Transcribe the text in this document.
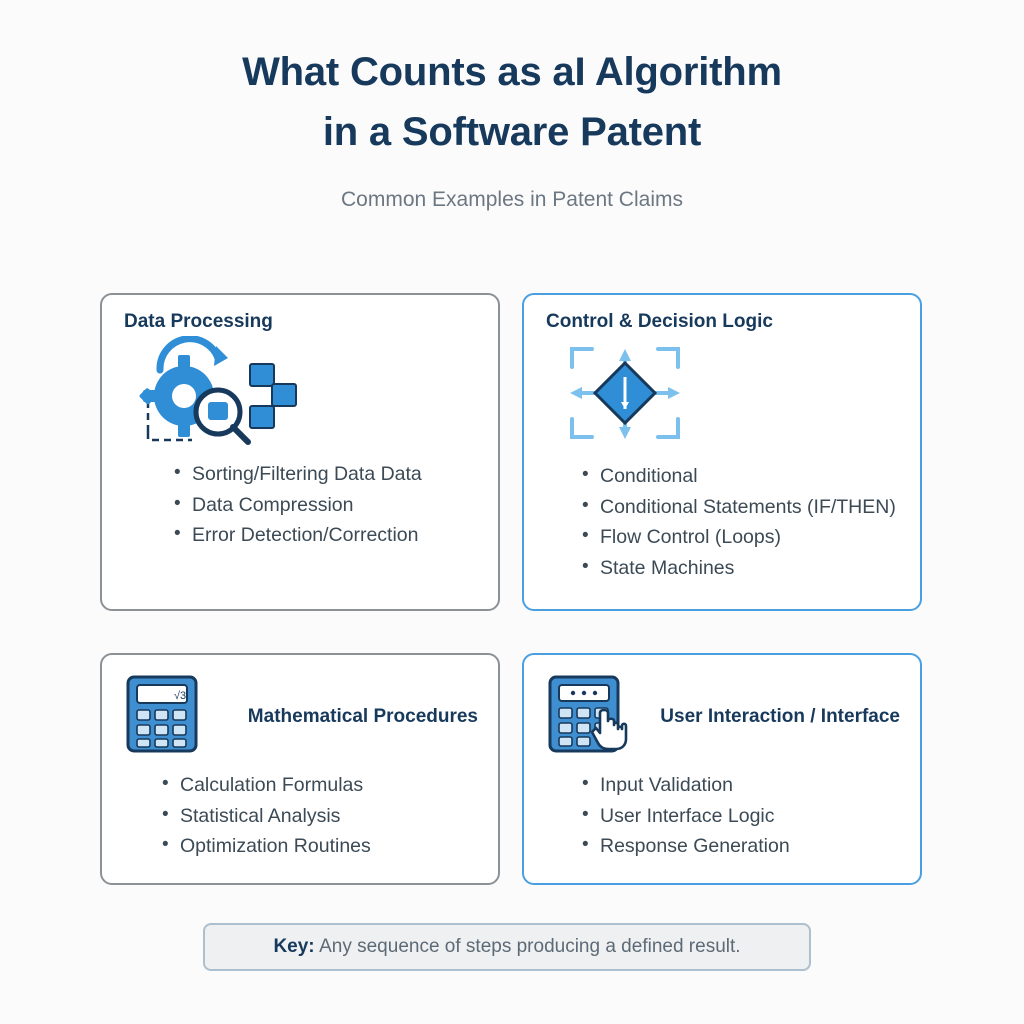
What Counts as aI Algorithm
in a Software Patent
Common Examples in Patent Claims
Data Processing
• Sorting/Filtering Data Data
• Data Compression
• Error Detection/Correction
Control & Decision Logic
• Conditional
• Conditional Statements (IF/THEN)
• Flow Control (Loops)
• State Machines
√3
Mathematical Procedures
• Calculation Formulas
• Statistical Analysis
• Optimization Routines
User Interaction / Interface
• Input Validation
• User Interface Logic
• Response Generation
Key: Any sequence of steps producing a defined result.
